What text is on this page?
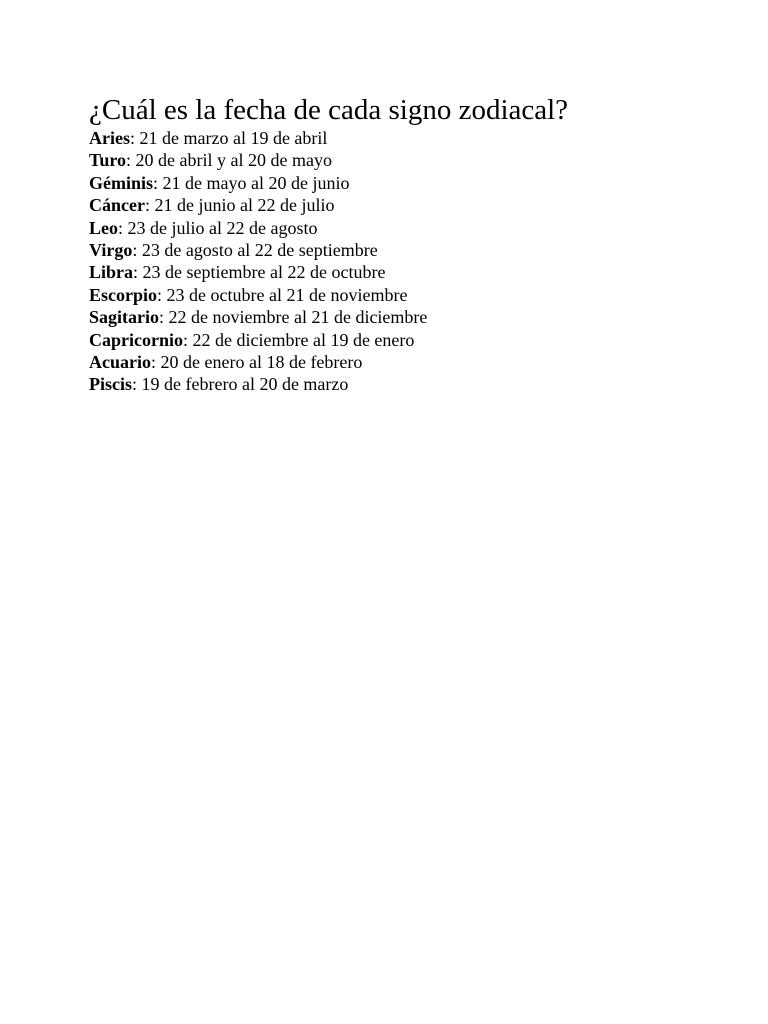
¿Cuál es la fecha de cada signo zodiacal?
Aries: 21 de marzo al 19 de abril
Turo: 20 de abril y al 20 de mayo
Géminis: 21 de mayo al 20 de junio
Cáncer: 21 de junio al 22 de julio
Leo: 23 de julio al 22 de agosto
Virgo: 23 de agosto al 22 de septiembre
Libra: 23 de septiembre al 22 de octubre
Escorpio: 23 de octubre al 21 de noviembre
Sagitario: 22 de noviembre al 21 de diciembre
Capricornio: 22 de diciembre al 19 de enero
Acuario: 20 de enero al 18 de febrero
Piscis: 19 de febrero al 20 de marzo
